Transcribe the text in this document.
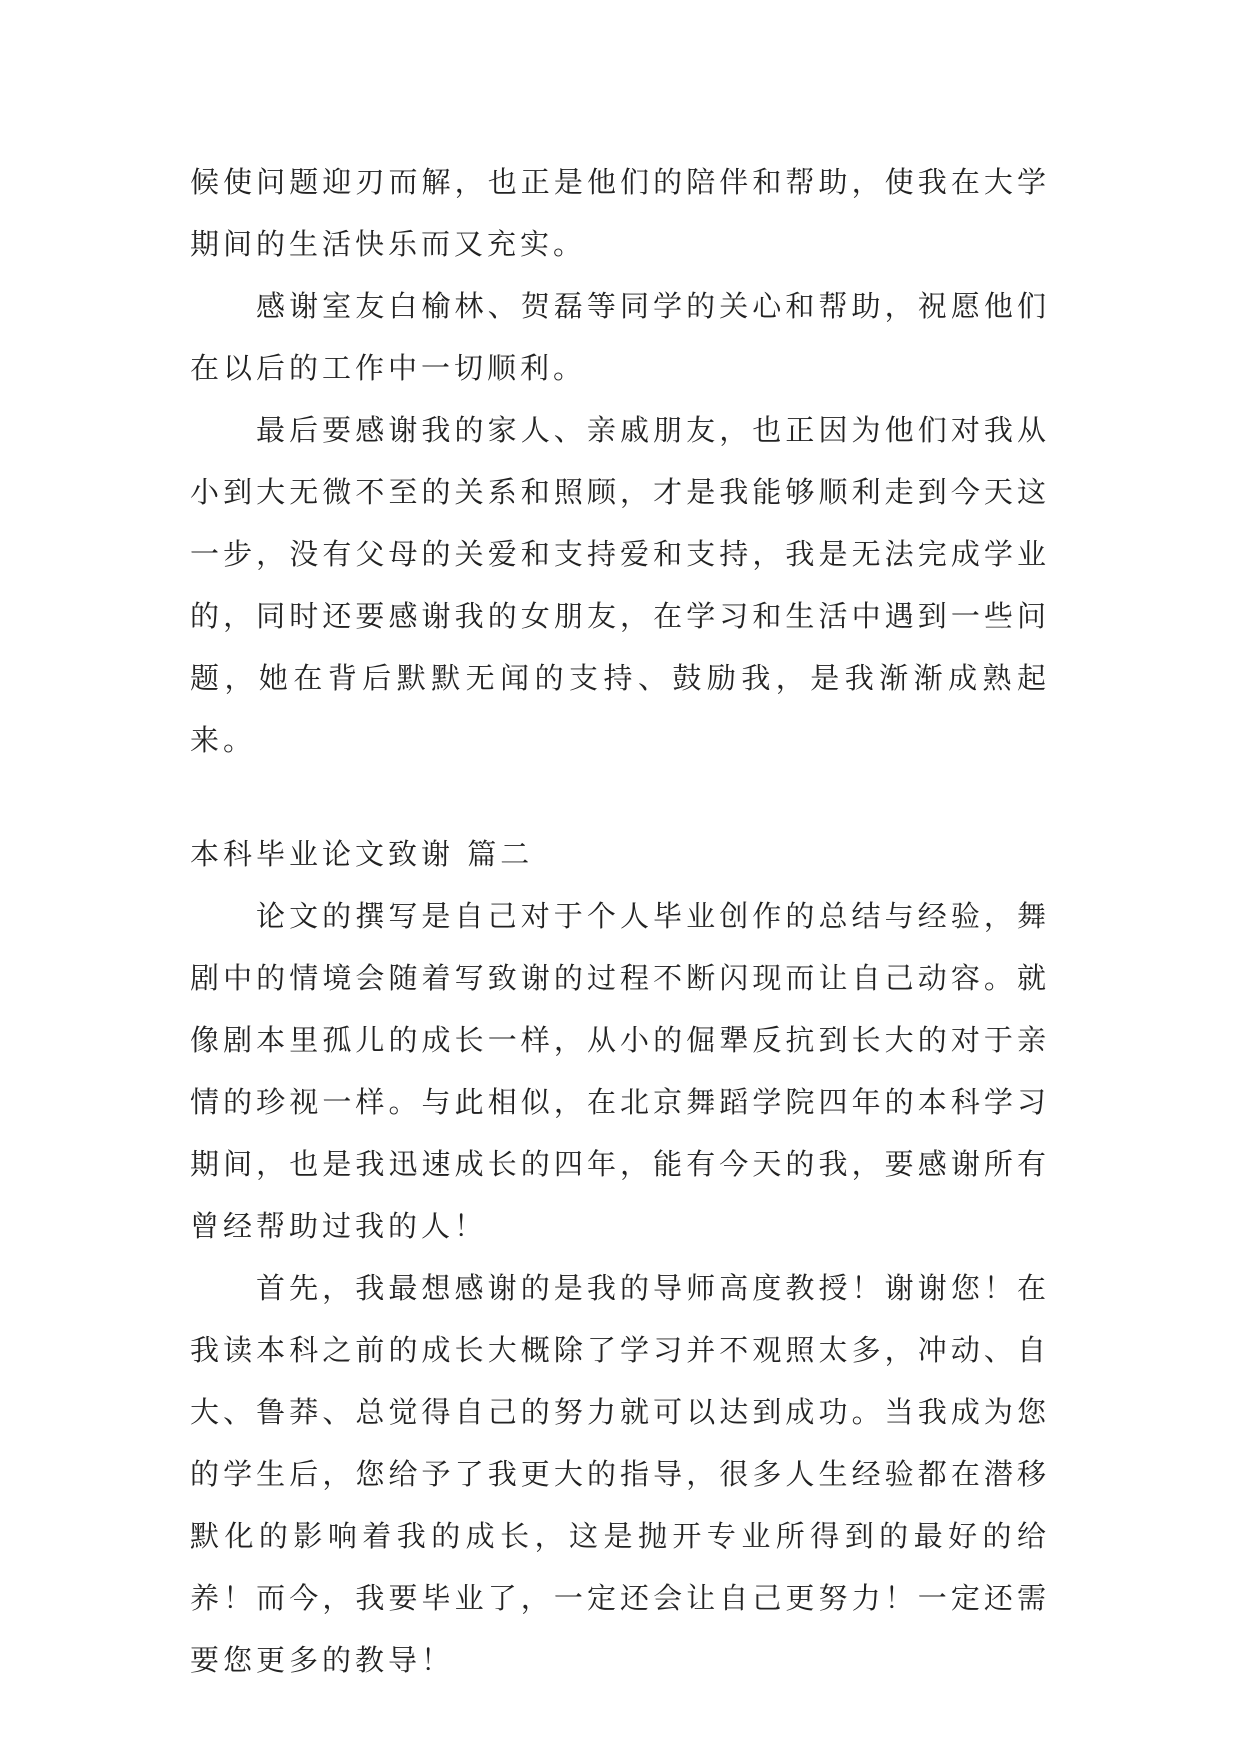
候使问题迎刃而解，也正是他们的陪伴和帮助，使我在大学期间的生活快乐而又充实。

感谢室友白榆林、贺磊等同学的关心和帮助，祝愿他们在以后的工作中一切顺利。

最后要感谢我的家人、亲戚朋友，也正因为他们对我从小到大无微不至的关系和照顾，才是我能够顺利走到今天这一步，没有父母的关爱和支持爱和支持，我是无法完成学业的，同时还要感谢我的女朋友，在学习和生活中遇到一些问题，她在背后默默无闻的支持、鼓励我，是我渐渐成熟起来。

本科毕业论文致谢 篇二

论文的撰写是自己对于个人毕业创作的总结与经验，舞剧中的情境会随着写致谢的过程不断闪现而让自己动容。就像剧本里孤儿的成长一样，从小的倔犟反抗到长大的对于亲情的珍视一样。与此相似，在北京舞蹈学院四年的本科学习期间，也是我迅速成长的四年，能有今天的我，要感谢所有曾经帮助过我的人！

首先，我最想感谢的是我的导师高度教授！谢谢您！在我读本科之前的成长大概除了学习并不观照太多，冲动、自大、鲁莽、总觉得自己的努力就可以达到成功。当我成为您的学生后，您给予了我更大的指导，很多人生经验都在潜移默化的影响着我的成长，这是抛开专业所得到的最好的给养！而今，我要毕业了，一定还会让自己更努力！一定还需要您更多的教导！
